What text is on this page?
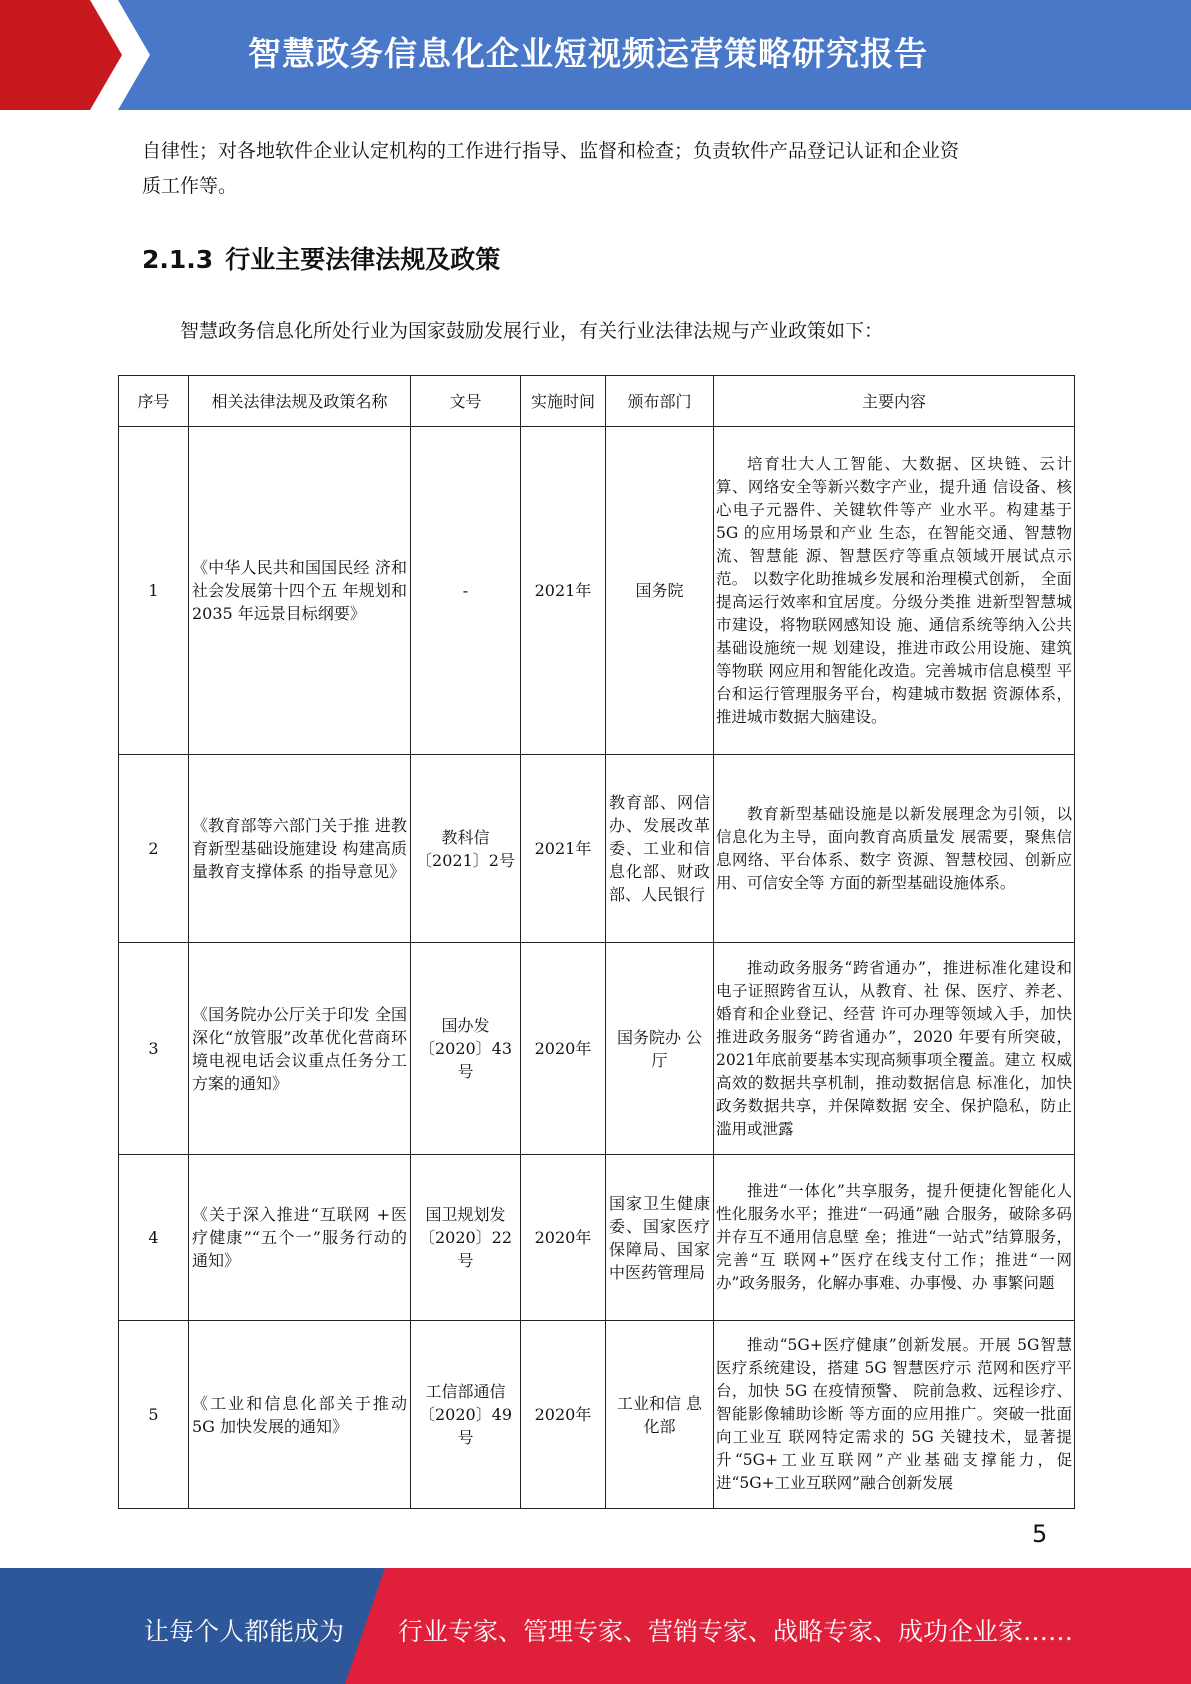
智慧政务信息化企业短视频运营策略研究报告
自律性；对各地软件企业认定机构的工作进行指导、监督和检查；负责软件产品登记认证和企业资
质工作等。
2.1.3 行业主要法律法规及政策
智慧政务信息化所处行业为国家鼓励发展行业，有关行业法律法规与产业政策如下：
序号	相关法律法规及政策名称	文号	实施时间	颁布部门	主要内容
1	《中华人民共和国国民经 济和社会发展第十四个五 年规划和 2035 年远景目标纲要》	-	2021年	国务院	培育壮大人工智能、大数据、区块链、云计算、网络安全等新兴数字产业，提升通 信设备、核心电子元器件、关键软件等产 业水平。构建基于 5G 的应用场景和产业 生态，在智能交通、智慧物流、智慧能 源、智慧医疗等重点领域开展试点示范。 以数字化助推城乡发展和治理模式创新， 全面提高运行效率和宜居度。分级分类推 进新型智慧城市建设，将物联网感知设 施、通信系统等纳入公共基础设施统一规 划建设，推进市政公用设施、建筑等物联 网应用和智能化改造。完善城市信息模型 平台和运行管理服务平台，构建城市数据 资源体系，推进城市数据大脑建设。
2	《教育部等六部门关于推 进教育新型基础设施建设 构建高质量教育支撑体系 的指导意见》	教科信〔2021〕2号	2021年	教育部、网信办、发展改革委、工业和信息化部、财政部、人民银行	教育新型基础设施是以新发展理念为引领，以信息化为主导，面向教育高质量发 展需要，聚焦信息网络、平台体系、数字 资源、智慧校园、创新应用、可信安全等 方面的新型基础设施体系。
3	《国务院办公厅关于印发 全国深化“放管服”改革优化营商环境电视电话会议重点任务分工方案的通知》	国办发〔2020〕43号	2020年	国务院办 公厅	推动政务服务“跨省通办”，推进标准化建设和电子证照跨省互认，从教育、社 保、医疗、养老、婚育和企业登记、经营 许可办理等领域入手，加快推进政务服务“跨省通办”，2020 年要有所突破，2021年底前要基本实现高频事项全覆盖。建立 权威高效的数据共享机制，推动数据信息 标准化，加快政务数据共享，并保障数据 安全、保护隐私，防止滥用或泄露
4	《关于深入推进“互联网 +医疗健康”“五个一”服务行动的通知》	国卫规划发〔2020〕22号	2020年	国家卫生健康委、国家医疗保障局、国家中医药管理局	推进“一体化”共享服务，提升便捷化智能化人性化服务水平；推进“一码通”融 合服务，破除多码并存互不通用信息壁 垒；推进“一站式”结算服务，完善“互 联网+”医疗在线支付工作；推进“一网 办”政务服务，化解办事难、办事慢、办 事繁问题
5	《工业和信息化部关于推动 5G 加快发展的通知》	工信部通信〔2020〕49号	2020年	工业和信 息化部	推动“5G+医疗健康”创新发展。开展 5G智慧医疗系统建设，搭建 5G 智慧医疗示 范网和医疗平台，加快 5G 在疫情预警、 院前急救、远程诊疗、智能影像辅助诊断 等方面的应用推广。突破一批面向工业互 联网特定需求的 5G 关键技术，显著提升“5G+工业互联网”产业基础支撑能力，促进“5G+工业互联网”融合创新发展
5
让每个人都能成为 行业专家、管理专家、营销专家、战略专家、成功企业家……
